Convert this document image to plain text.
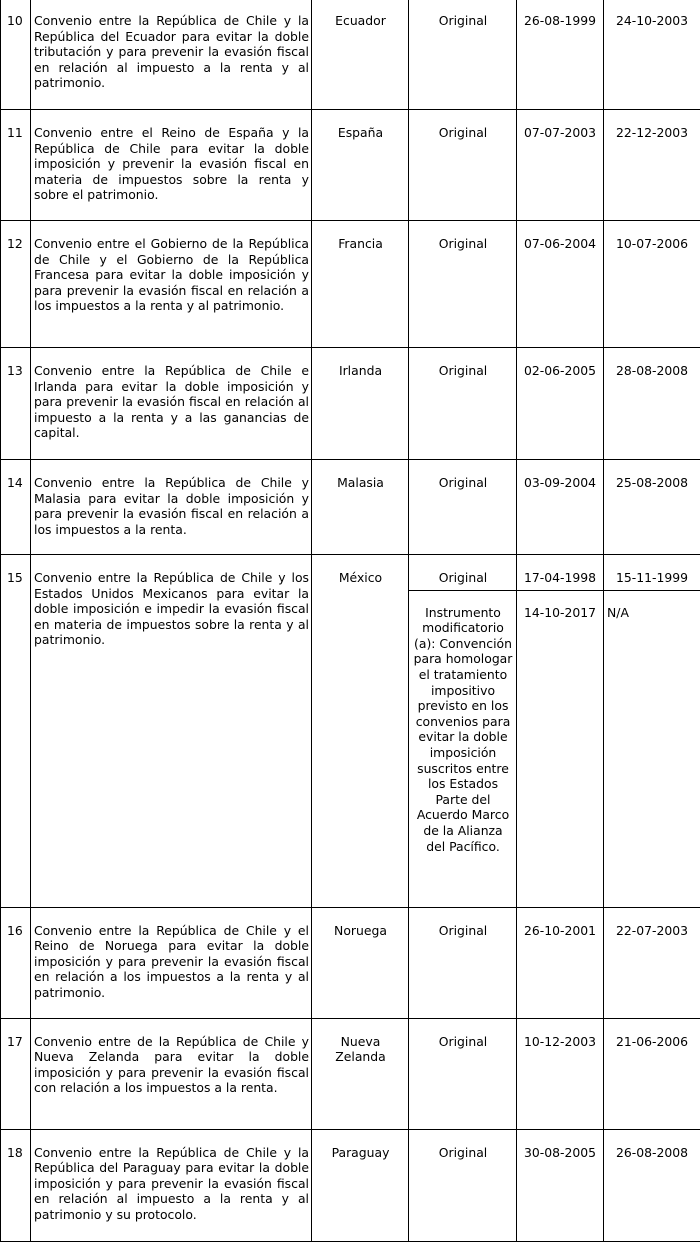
10	Convenio entre la República de Chile y la República del Ecuador para evitar la doble tributación y para prevenir la evasión fiscal en relación al impuesto a la renta y al patrimonio.	Ecuador	Original	26-08-1999	24-10-2003
11	Convenio entre el Reino de España y la República de Chile para evitar la doble imposición y prevenir la evasión fiscal en materia de impuestos sobre la renta y sobre el patrimonio.	España	Original	07-07-2003	22-12-2003
12	Convenio entre el Gobierno de la República de Chile y el Gobierno de la República Francesa para evitar la doble imposición y para prevenir la evasión fiscal en relación a los impuestos a la renta y al patrimonio.	Francia	Original	07-06-2004	10-07-2006
13	Convenio entre la República de Chile e Irlanda para evitar la doble imposición y para prevenir la evasión fiscal en relación al impuesto a la renta y a las ganancias de capital.	Irlanda	Original	02-06-2005	28-08-2008
14	Convenio entre la República de Chile y Malasia para evitar la doble imposición y para prevenir la evasión fiscal en relación a los impuestos a la renta.	Malasia	Original	03-09-2004	25-08-2008
15	Convenio entre la República de Chile y los Estados Unidos Mexicanos para evitar la doble imposición e impedir la evasión fiscal en materia de impuestos sobre la renta y al patrimonio.	México	Original	17-04-1998	15-11-1999
			Instrumento modificatorio (a): Convención para homologar el tratamiento impositivo previsto en los convenios para evitar la doble imposición suscritos entre los Estados Parte del Acuerdo Marco de la Alianza del Pacífico.	14-10-2017	N/A
16	Convenio entre la República de Chile y el Reino de Noruega para evitar la doble imposición y para prevenir la evasión fiscal en relación a los impuestos a la renta y al patrimonio.	Noruega	Original	26-10-2001	22-07-2003
17	Convenio entre de la República de Chile y Nueva Zelanda para evitar la doble imposición y para prevenir la evasión fiscal con relación a los impuestos a la renta.	Nueva Zelanda	Original	10-12-2003	21-06-2006
18	Convenio entre la República de Chile y la República del Paraguay para evitar la doble imposición y para prevenir la evasión fiscal en relación al impuesto a la renta y al patrimonio y su protocolo.	Paraguay	Original	30-08-2005	26-08-2008
